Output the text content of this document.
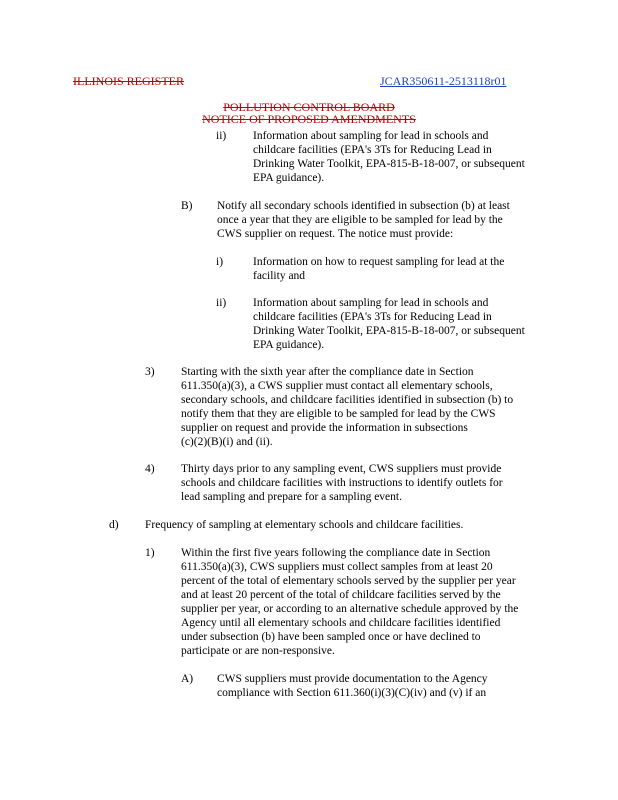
ILLINOIS REGISTER	JCAR350611-2513118r01
POLLUTION CONTROL BOARD
NOTICE OF PROPOSED AMENDMENTS
ii) Information about sampling for lead in schools and
childcare facilities (EPA's 3Ts for Reducing Lead in
Drinking Water Toolkit, EPA-815-B-18-007, or subsequent
EPA guidance).
B) Notify all secondary schools identified in subsection (b) at least
once a year that they are eligible to be sampled for lead by the
CWS supplier on request. The notice must provide:
i)	Information on how to request sampling for lead at the
facility and
ii) Information about sampling for lead in schools and
childcare facilities (EPA's 3Ts for Reducing Lead in
Drinking Water Toolkit, EPA-815-B-18-007, or subsequent
EPA guidance).
3) Starting with the sixth year after the compliance date in Section
611.350(a)(3), a CWS supplier must contact all elementary schools,
secondary schools, and childcare facilities identified in subsection (b) to
notify them that they are eligible to be sampled for lead by the CWS
supplier on request and provide the information in subsections
(c)(2)(B)(i) and (ii).
4) Thirty days prior to any sampling event, CWS suppliers must provide
schools and childcare facilities with instructions to identify outlets for
lead sampling and prepare for a sampling event.
d) Frequency of sampling at elementary schools and childcare facilities.
1) Within the first five years following the compliance date in Section
611.350(a)(3), CWS suppliers must collect samples from at least 20
percent of the total of elementary schools served by the supplier per year
and at least 20 percent of the total of childcare facilities served by the
supplier per year, or according to an alternative schedule approved by the
Agency until all elementary schools and childcare facilities identified
under subsection (b) have been sampled once or have declined to
participate or are non-responsive.
A) CWS suppliers must provide documentation to the Agency
compliance with Section 611.360(i)(3)(C)(iv) and (v) if an
